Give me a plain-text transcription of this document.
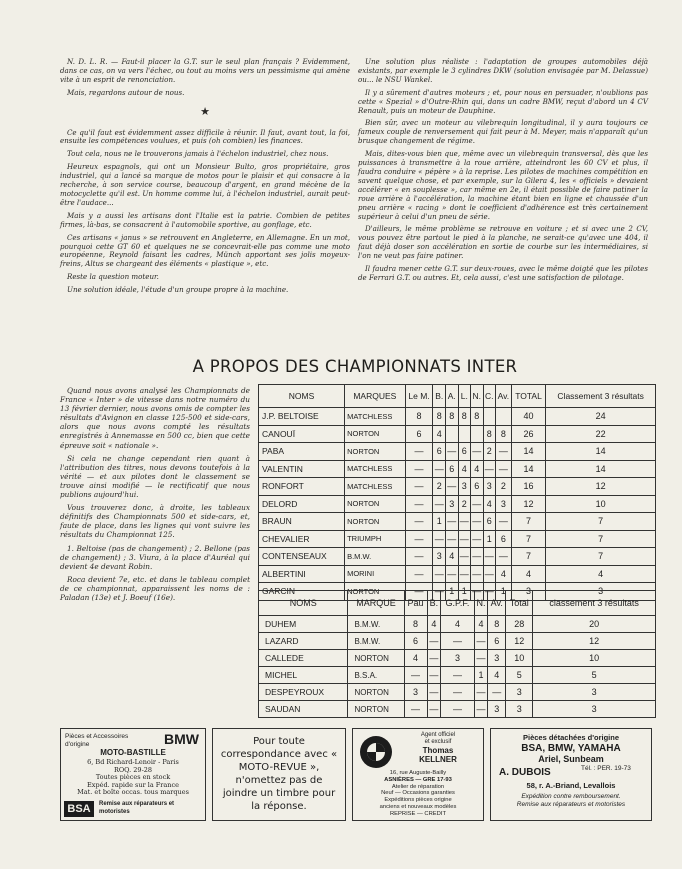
N. D. L. R. — Faut-il placer la G.T. sur le seul plan français ? Evidemment, dans ce cas, on va vers l'échec, ou tout au moins vers un pessimisme qui amène vite à un esprit de renonciation.

Mais, regardons autour de nous.

★

Ce qu'il faut est évidemment assez difficile à réunir. Il faut, avant tout, la foi, ensuite les compétences voulues, et puis (oh combien) les finances.

Tout cela, nous ne le trouverons jamais à l'échelon industriel, chez nous.

Heureux espagnols, qui ont un Monsieur Bulto, gros propriétaire, gros industriel, qui a lancé sa marque de motos pour le plaisir et qui consacre à la recherche, à son service course, beaucoup d'argent, en grand mécène de la motocyclette qu'il est. Un homme comme lui, à l'échelon industriel, aurait peut-être l'audace...

Mais y a aussi les artisans dont l'Italie est la patrie. Combien de petites firmes, là-bas, se consacrent à l'automobile sportive, au gonflage, etc.

Ces artisans « janus » se retrouvent en Angleterre, en Allemagne. En un mot, pourquoi cette GT 60 et quelques ne se concevrait-elle pas comme une moto européenne, Reynold faisant les cadres, Münch apportant ses jolis moyeux-freins, Altus se chargeant des éléments « plastique », etc.

Reste la question moteur.

Une solution idéale, l'étude d'un groupe propre à la machine.

Une solution plus réaliste : l'adaptation de groupes automobiles déjà existants, par exemple le 3 cylindres DKW (solution envisagée par M. Delassue) ou... le NSU Wankel.

Il y a sûrement d'autres moteurs ; et, pour nous en persuader, n'oublions pas cette « Spezial » d'Outre-Rhin qui, dans un cadre BMW, reçut d'abord un 4 CV Renault, puis un moteur de Dauphine.

Bien sûr, avec un moteur au vilebrequin longitudinal, il y aura toujours ce fameux couple de renversement qui fait peur à M. Meyer, mais n'apparaît qu'un brusque changement de régime.

Mais, dites-vous bien que, même avec un vilebrequin transversal, dès que les puissances à transmettre à la roue arrière, atteindront les 60 CV et plus, il faudra conduire « pépère » à la reprise. Les pilotes de machines compétition en savent quelque chose, et par exemple, sur la Gilera 4, les « officiels » devaient accélérer « en souplesse », car même en 2e, il était possible de faire patiner la roue arrière à l'accélération, la machine étant bien en ligne et chaussée d'un pneu arrière « racing » dont le coefficient d'adhérence est très certainement supérieur à celui d'un pneu de série.

D'ailleurs, le même problème se retrouve en voiture ; et si avec une 2 CV, vous pouvez être partout le pied à la planche, ne serait-ce qu'avec une 404, il faut déjà doser son accélération en sortie de courbe sur les intermédiaires, si l'on ne veut pas faire patiner.

Il faudra mener cette G.T. sur deux-roues, avec le même doigté que les pilotes de Ferrari G.T. ou autres. Et, cela aussi, c'est une satisfaction de pilotage.

A PROPOS DES CHAMPIONNATS INTER

Quand nous avons analysé les Championnats de France « Inter » de vitesse dans notre numéro du 13 février dernier, nous avons omis de compter les résultats d'Avignon en classe 125-500 et side-cars, alors que nous avons compté les résultats enregistrés à Annemasse en 500 cc, bien que cette épreuve soit « nationale ».

Si cela ne change cependant rien quant à l'attribution des titres, nous devons toutefois à la vérité — et aux pilotes dont le classement se trouve ainsi modifié — le rectificatif que nous publions aujourd'hui.

Vous trouverez donc, à droite, les tableaux définitifs des Championnats 500 et side-cars, et, faute de place, dans les lignes qui vont suivre les résultats du Championnat 125.

1. Beltoise (pas de changement) ; 2. Bellone (pas de changement) ; 3. Viura, à la place d'Auréal qui devient 4e devant Robin.

Roca devient 7e, etc. et dans le tableau complet de ce championnat, apparaissent les noms de : Paladan (13e) et J. Boeuf (16e).

NOMS	MARQUES	Le M.	B.	A.	L.	N.	C.	Av.	TOTAL	Classement 3 résultats
J.P. BELTOISE	MATCHLESS	8	8	8	8	8			40	24
CANOUÏ	NORTON	6	4				8	8	26	22
PABA	NORTON	—	6	—	6	—	2	—	14	14
VALENTIN	MATCHLESS	—	—	6	4	4	—	—	14	14
RONFORT	MATCHLESS	—	2	—	3	6	3	2	16	12
DELORD	NORTON	—	—	3	2	—	4	3	12	10
BRAUN	NORTON	—	1	—	—	—	6	—	7	7
CHEVALIER	TRIUMPH	—	—	—	—	—	1	6	7	7
CONTENSEAUX	B.M.W.	—	3	4	—	—	—	—	7	7
ALBERTINI	MORINI	—	—	—	—	—	—	4	4	4
GARCIN	NORTON	—	—	1	1	—	—	1	3	3
NOMS	MARQUE	Pau	B.	G.P.F.	N.	Av.	Total	classement 3 résultats
DUHEM	B.M.W.	8	4	4	4	8	28	20
LAZARD	B.M.W.	6	—	—	—	6	12	12
CALLEDE	NORTON	4	—	3	—	3	10	10
MICHEL	B.S.A.	—	—	—	1	4	5	5
DESPEYROUX	NORTON	3	—	—	—	—	3	3
SAUDAN	NORTON	—	—	—	—	3	3	3
Pièces et Accessoires
d'origine	BMW
MOTO-BASTILLE
6, Bd Richard-Lenoir - Paris
ROQ. 29-28
Toutes pièces en stock
Expéd. rapide sur la France
Mat. et boîte occas. tous marques
BSA	Remise aux réparateurs et motoristes
Pour toute correspondance avec « MOTO-REVUE », n'omettez pas de joindre un timbre pour la réponse.
Agent officiel
et exclusif
Thomas
KELLNER
16, rue Auguste-Bailly
ASNIÈRES — GRE 17-93
Atelier de réparation
Neuf — Occasions garanties
Expéditions pièces origine
anciens et nouveaux modèles
REPRISE — CREDIT
Pièces détachées d'origine
BSA, BMW, YAMAHA
Ariel, Sunbeam
A. DUBOIS	Tél. : PER. 19-73
58, r. A.-Briand, Levallois
Expédition contre remboursement.
Remise aux réparateurs et motoristes
